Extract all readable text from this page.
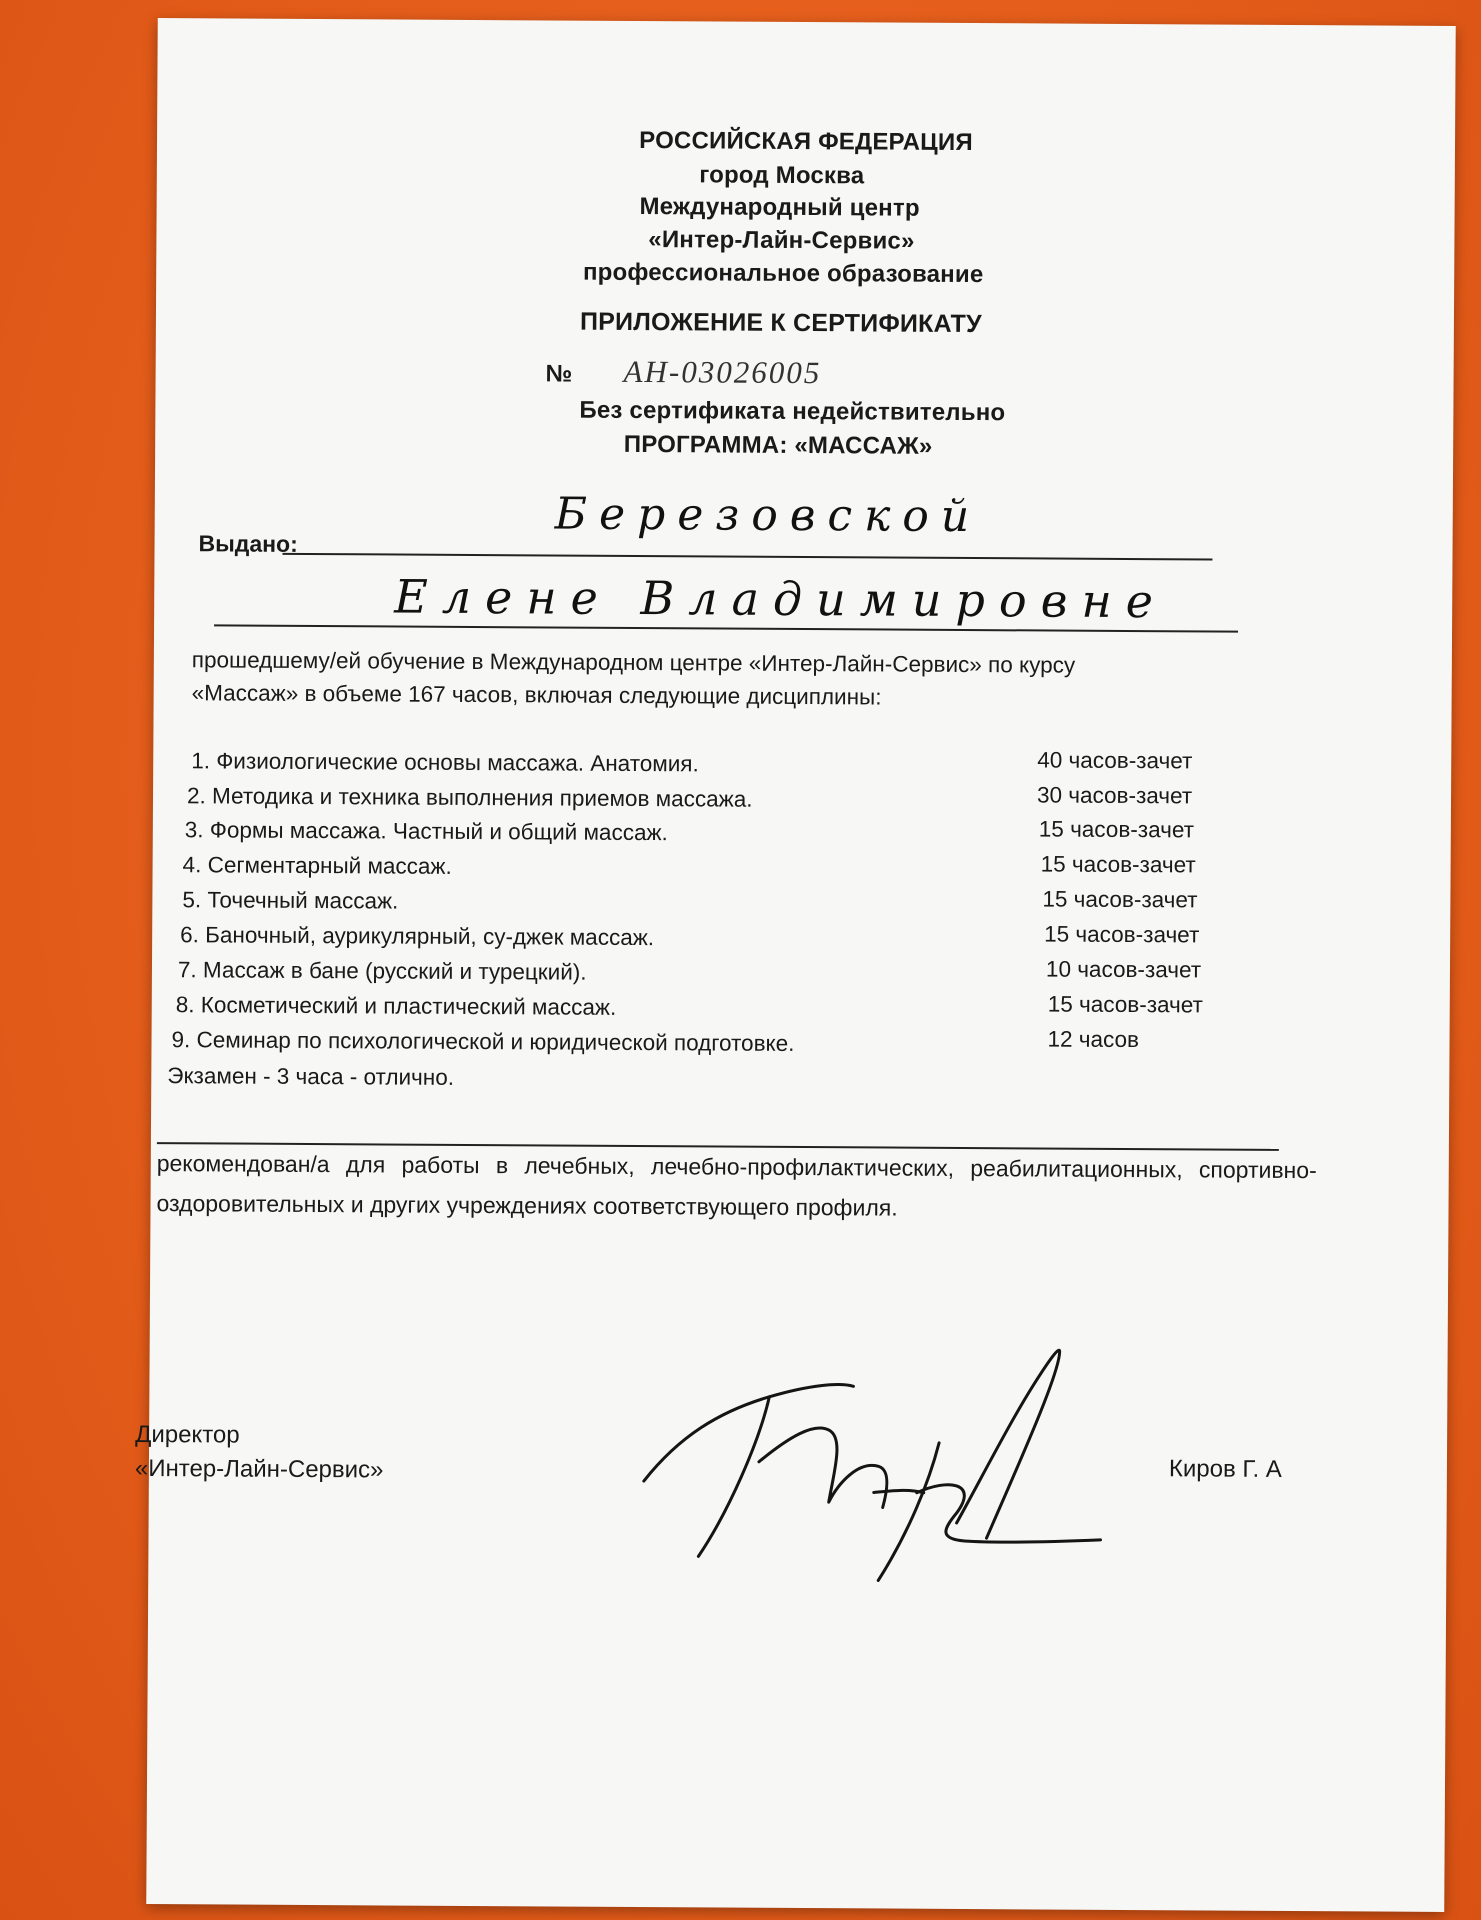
РОССИЙСКАЯ ФЕДЕРАЦИЯ
город Москва
Международный центр
«Интер-Лайн-Сервис»
профессиональное образование
ПРИЛОЖЕНИЕ К СЕРТИФИКАТУ
№ АН-03026005
Без сертификата недействительно
ПРОГРАММА: «МАССАЖ»
Выдано:
Березовской
Елене Владимировне
прошедшему/ей обучение в Международном центре «Интер-Лайн-Сервис» по курсу
«Массаж» в объеме 167 часов, включая следующие дисциплины:
1. Физиологические основы массажа. Анатомия.	40 часов-зачет
2. Методика и техника выполнения приемов массажа.	30 часов-зачет
3. Формы массажа. Частный и общий массаж.	15 часов-зачет
4. Сегментарный массаж.	15 часов-зачет
5. Точечный массаж.	15 часов-зачет
6. Баночный, аурикулярный, су-джек массаж.	15 часов-зачет
7. Массаж в бане (русский и турецкий).	10 часов-зачет
8. Косметический и пластический массаж.	15 часов-зачет
9. Семинар по психологической и юридической подготовке.	12 часов
Экзамен - 3 часа - отлично.
рекомендован/а для работы в лечебных, лечебно-профилактических, реабилитационных, спортивно-оздоровительных и других учреждениях соответствующего профиля.
Директор
«Интер-Лайн-Сервис»	Киров Г. А
